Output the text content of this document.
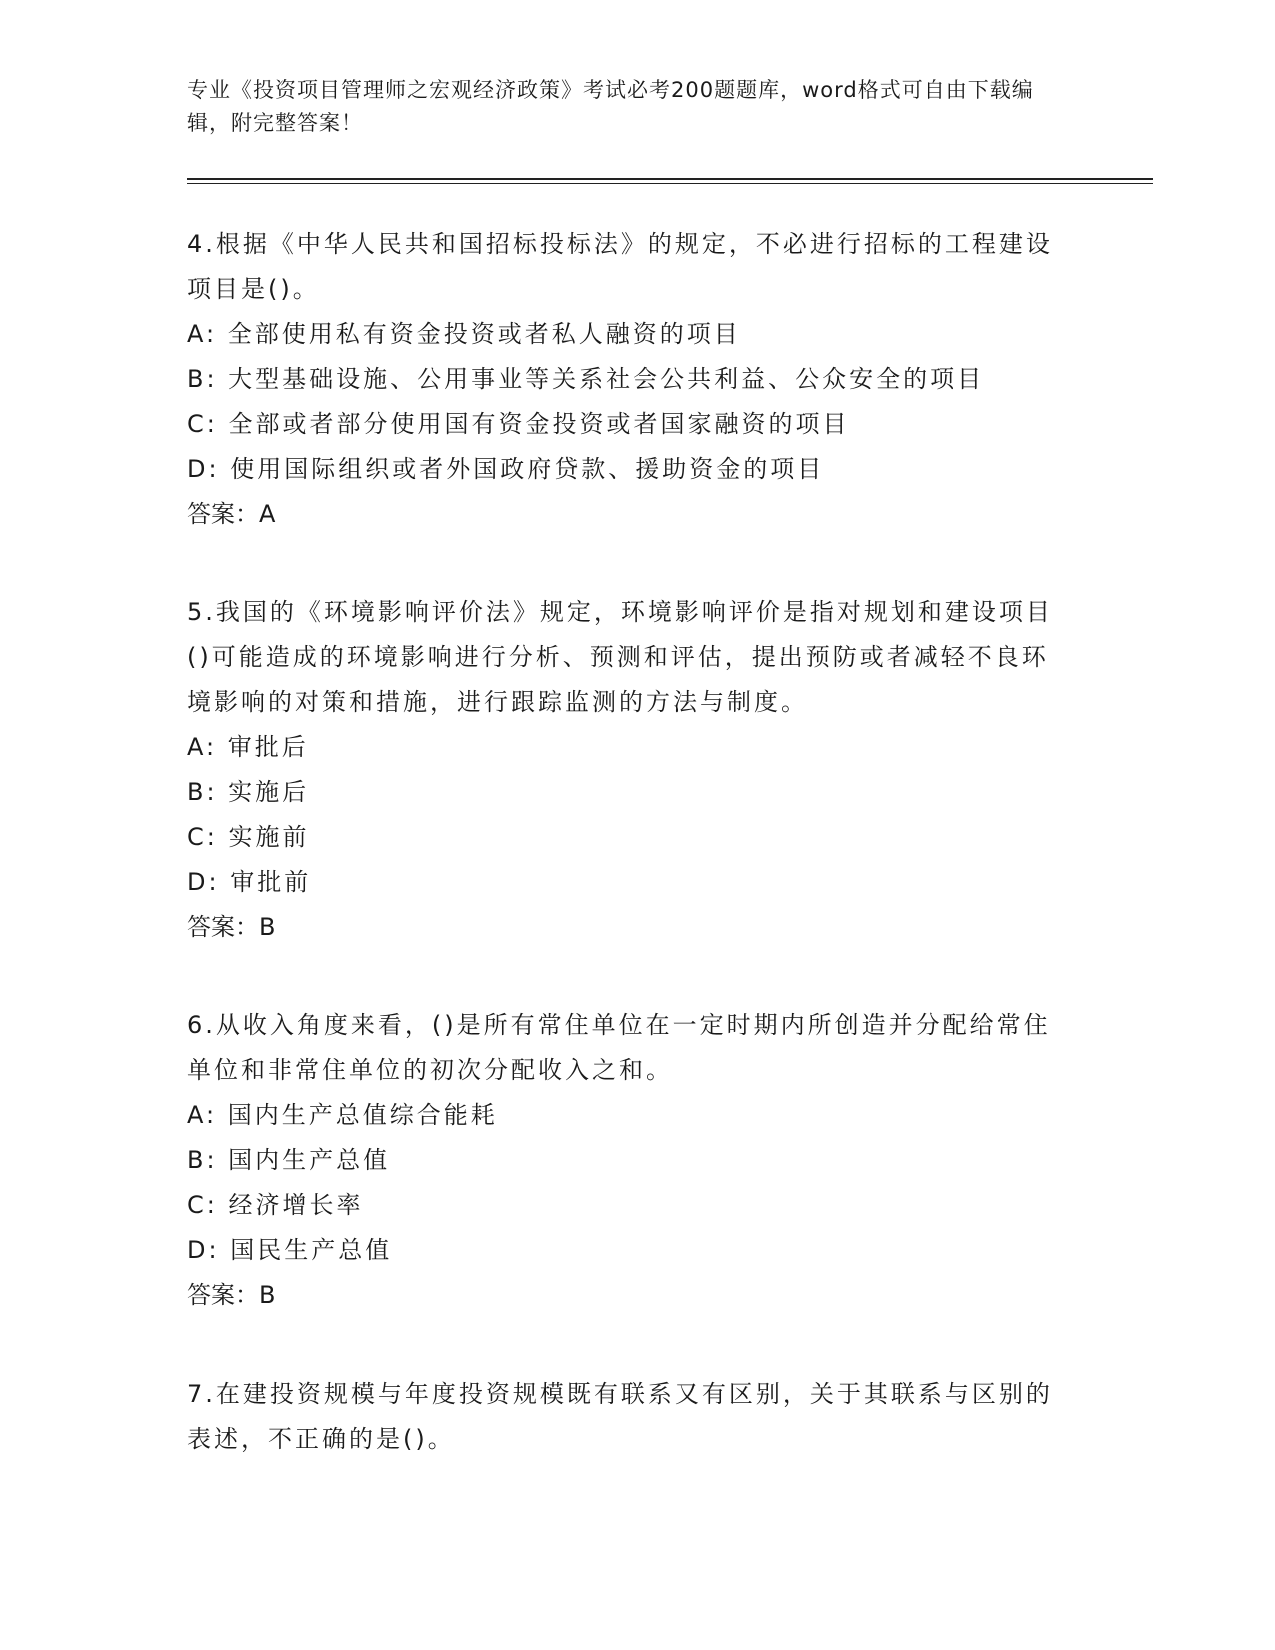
专业《投资项目管理师之宏观经济政策》考试必考200题题库，word格式可自由下载编辑，附完整答案！

4.根据《中华人民共和国招标投标法》的规定，不必进行招标的工程建设项目是()。

A: 全部使用私有资金投资或者私人融资的项目

B: 大型基础设施、公用事业等关系社会公共利益、公众安全的项目

C: 全部或者部分使用国有资金投资或者国家融资的项目

D: 使用国际组织或者外国政府贷款、援助资金的项目

答案：A

5.我国的《环境影响评价法》规定，环境影响评价是指对规划和建设项目()可能造成的环境影响进行分析、预测和评估，提出预防或者减轻不良环境影响的对策和措施，进行跟踪监测的方法与制度。

A: 审批后

B: 实施后

C: 实施前

D: 审批前

答案：B

6.从收入角度来看，()是所有常住单位在一定时期内所创造并分配给常住单位和非常住单位的初次分配收入之和。

A: 国内生产总值综合能耗

B: 国内生产总值

C: 经济增长率

D: 国民生产总值

答案：B

7.在建投资规模与年度投资规模既有联系又有区别，关于其联系与区别的表述，不正确的是()。
